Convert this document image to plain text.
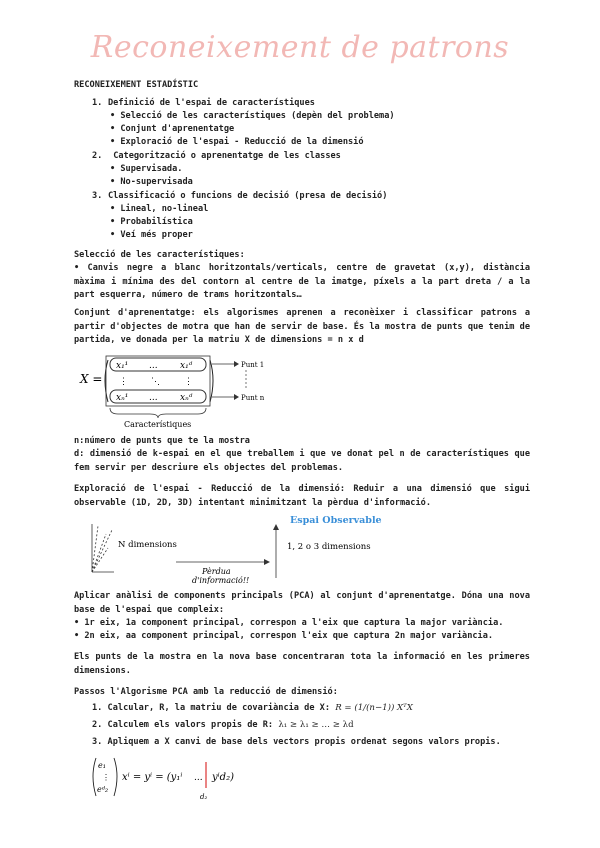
Reconeixement de patrons
RECONEIXEMENT ESTADÍSTIC
1. Definició de l'espai de característiques
• Selecció de les característiques (depèn del problema)
• Conjunt d'aprenentatge
• Exploració de l'espai - Reducció de la dimensió
2. Categorització o aprenentatge de les classes
• Supervisada.
• No-supervisada
3. Classificació o funcions de decisió (presa de decisió)
• Lineal, no-lineal
• Probabilística
• Veí més proper
Selecció de les característiques:
• Canvis negre a blanc horitzontals/verticals, centre de gravetat (x,y), distància màxima i mínima des del contorn al centre de la imatge, píxels a la part dreta / a la part esquerra, número de trams horitzontals…
Conjunt d'aprenentatge: els algorismes aprenen a reconèixer i classificar patrons a partir d'objectes de motra que han de servir de base. És la mostra de punts que tenim de partida, ve donada per la matriu X de dimensions = n x d
X =
x₁¹ ... x₁ᵈ
⋮	⋱	⋮
xₙ¹ ... xₙᵈ
Punt 1
Punt n
Característiques
n:número de punts que te la mostra
d: dimensió de k-espai en el que treballem i que ve donat pel n de característiques que fem servir per descriure els objectes del problemas.
Exploració de l'espai - Reducció de la dimensió: Reduir a una dimensió que sigui observable (1D, 2D, 3D) intentant minimitzant la pèrdua d'informació.
N dimensions
Pèrdua
d'informació!!
Espai Observable
1, 2 o 3 dimensions
Aplicar anàlisi de components principals (PCA) al conjunt d'aprenentatge. Dóna una nova base de l'espai que compleix:
• 1r eix, 1a component principal, correspon a l'eix que captura la major variància.
• 2n eix, aa component principal, correspon l'eix que captura 2n major variància.
Els punts de la mostra en la nova base concentraran tota la informació en les primeres dimensions.
Passos l'Algorisme PCA amb la reducció de dimensió:
1. Calcular, R, la matriu de covariància de X: R = (1/(n−1)) XᵀX
2. Calculem els valors propis de R: λ₁ ≥ λ₁ ≥ … ≥ λd
3. Apliquem a X canvi de base dels vectors propis ordenat segons valors propis.
e₁
⋮
eᵈ₂
xⁱ = yⁱ = (y₁ⁱ ... yⁱd₂)
d₂
